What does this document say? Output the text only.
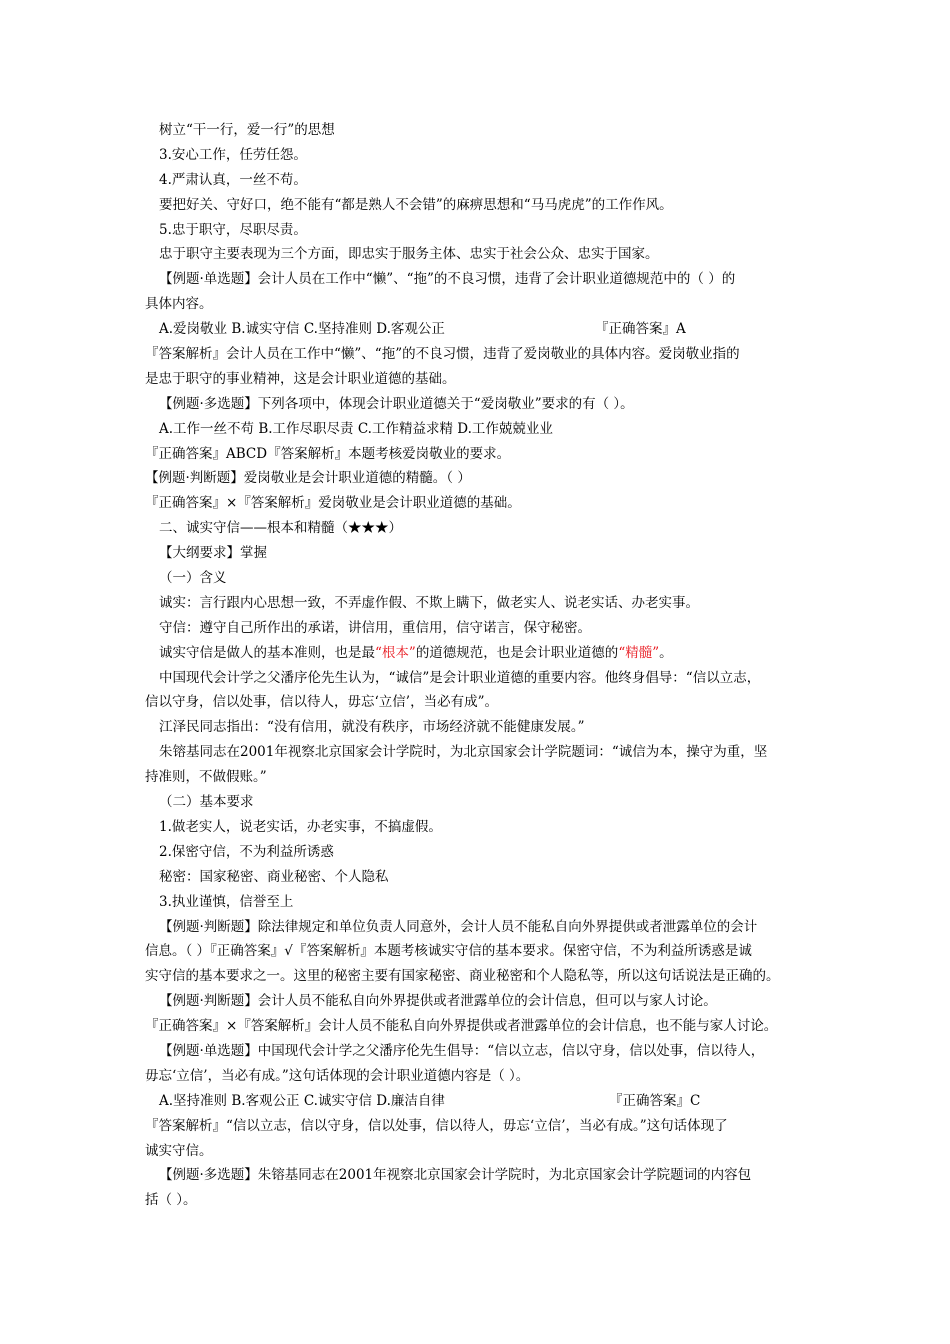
树立“干一行，爱一行”的思想
3.安心工作，任劳任怨。
4.严肃认真，一丝不苟。
要把好关、守好口，绝不能有“都是熟人不会错”的麻痹思想和“马马虎虎”的工作作风。
5.忠于职守，尽职尽责。
忠于职守主要表现为三个方面，即忠实于服务主体、忠实于社会公众、忠实于国家。
【例题·单选题】会计人员在工作中“懒”、“拖”的不良习惯，违背了会计职业道德规范中的（ ）的
具体内容。
A.爱岗敬业 B.诚实守信 C.坚持准则 D.客观公正	『正确答案』A
『答案解析』会计人员在工作中“懒”、“拖”的不良习惯，违背了爱岗敬业的具体内容。爱岗敬业指的
是忠于职守的事业精神，这是会计职业道德的基础。
【例题·多选题】下列各项中，体现会计职业道德关于“爱岗敬业”要求的有（ ）。
A.工作一丝不苟 B.工作尽职尽责 C.工作精益求精 D.工作兢兢业业
『正确答案』ABCD『答案解析』本题考核爱岗敬业的要求。
【例题·判断题】爱岗敬业是会计职业道德的精髓。（ ）
『正确答案』×『答案解析』爱岗敬业是会计职业道德的基础。
二、诚实守信——根本和精髓（★★★）
【大纲要求】掌握
（一）含义
诚实：言行跟内心思想一致，不弄虚作假、不欺上瞒下，做老实人、说老实话、办老实事。
守信：遵守自己所作出的承诺，讲信用，重信用，信守诺言，保守秘密。
诚实守信是做人的基本准则，也是最“根本”的道德规范，也是会计职业道德的“精髓”。
中国现代会计学之父潘序伦先生认为，“诚信”是会计职业道德的重要内容。他终身倡导：“信以立志，
信以守身，信以处事，信以待人，毋忘‘立信’，当必有成”。
江泽民同志指出：“没有信用，就没有秩序，市场经济就不能健康发展。”
朱镕基同志在2001年视察北京国家会计学院时，为北京国家会计学院题词：“诚信为本，操守为重，坚
持准则，不做假账。”
（二）基本要求
1.做老实人，说老实话，办老实事，不搞虚假。
2.保密守信，不为利益所诱惑
秘密：国家秘密、商业秘密、个人隐私
3.执业谨慎，信誉至上
【例题·判断题】除法律规定和单位负责人同意外，会计人员不能私自向外界提供或者泄露单位的会计
信息。（ ）『正确答案』√『答案解析』本题考核诚实守信的基本要求。保密守信，不为利益所诱惑是诚
实守信的基本要求之一。这里的秘密主要有国家秘密、商业秘密和个人隐私等，所以这句话说法是正确的。
【例题·判断题】会计人员不能私自向外界提供或者泄露单位的会计信息，但可以与家人讨论。
『正确答案』×『答案解析』会计人员不能私自向外界提供或者泄露单位的会计信息，也不能与家人讨论。
【例题·单选题】中国现代会计学之父潘序伦先生倡导：“信以立志，信以守身，信以处事，信以待人，
毋忘‘立信’，当必有成。”这句话体现的会计职业道德内容是（ ）。
A.坚持准则 B.客观公正 C.诚实守信 D.廉洁自律	『正确答案』C
『答案解析』“信以立志，信以守身，信以处事，信以待人，毋忘‘立信’，当必有成。”这句话体现了
诚实守信。
【例题·多选题】朱镕基同志在2001年视察北京国家会计学院时，为北京国家会计学院题词的内容包
括（ ）。
